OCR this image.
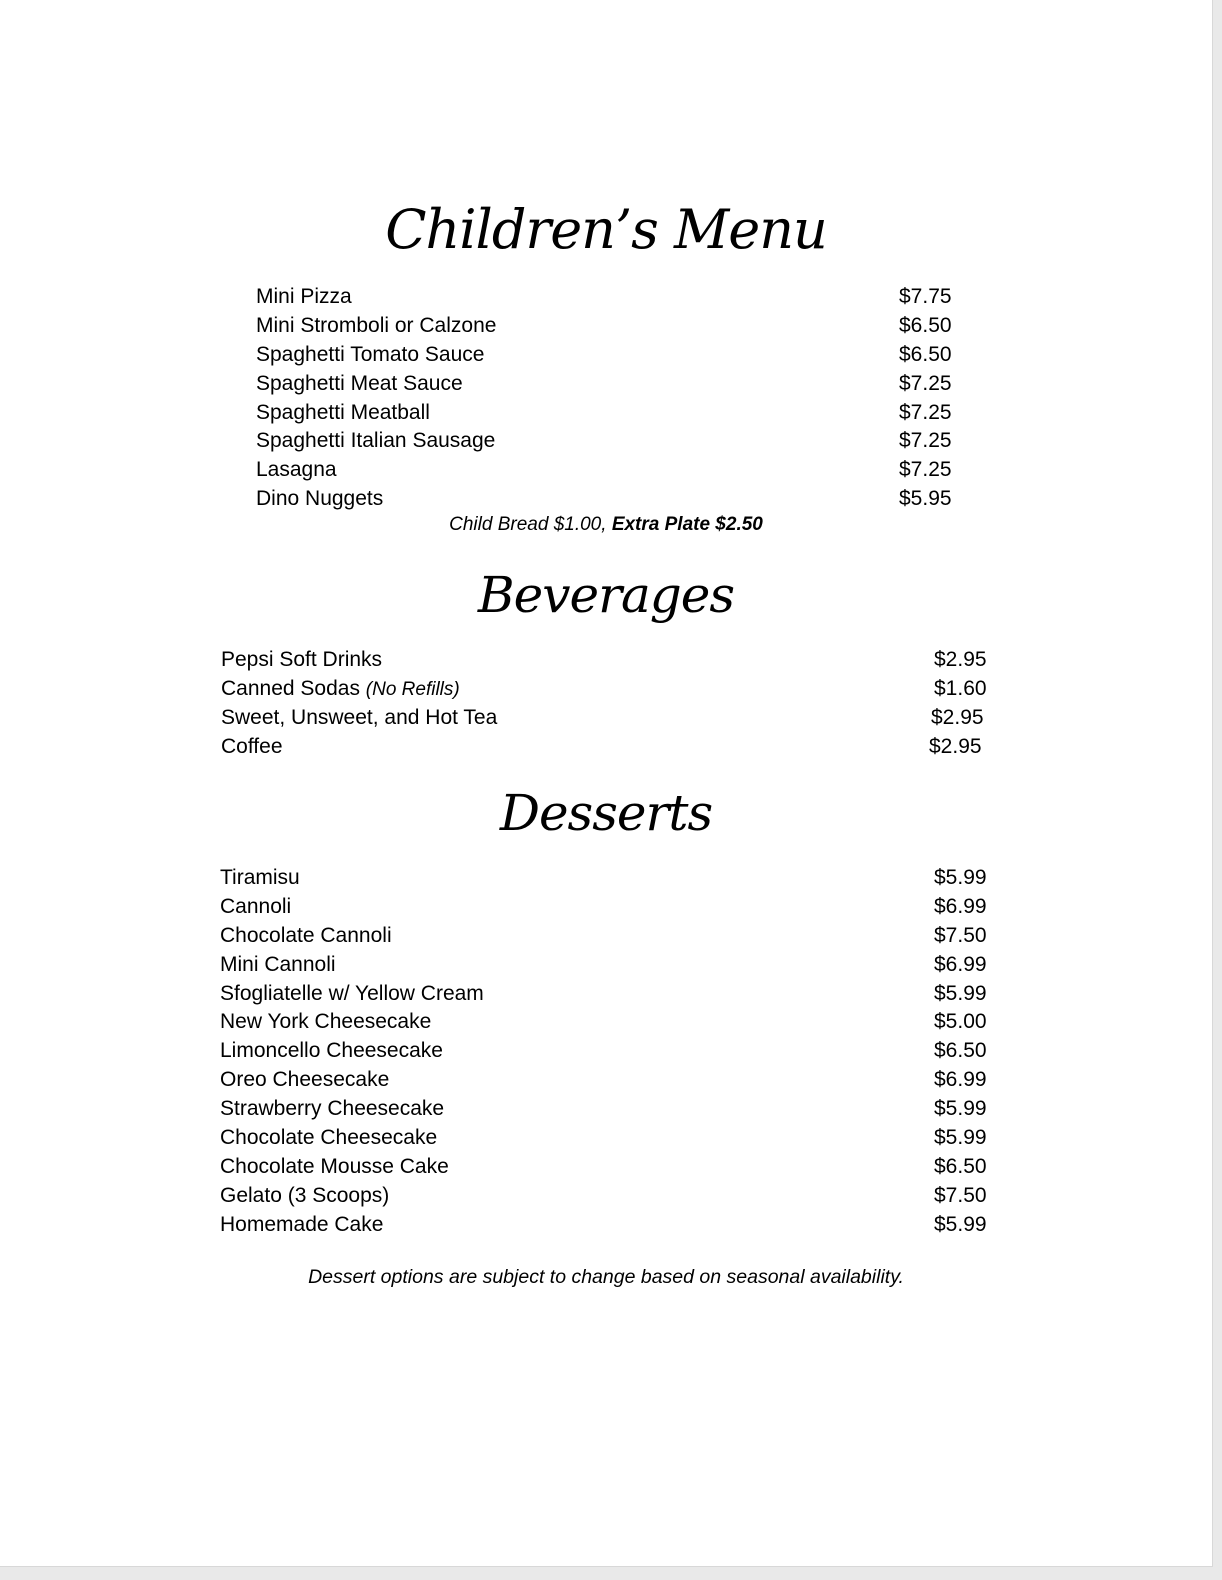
Children’s Menu
Mini Pizza	$7.75
Mini Stromboli or Calzone	$6.50
Spaghetti Tomato Sauce	$6.50
Spaghetti Meat Sauce	$7.25
Spaghetti Meatball	$7.25
Spaghetti Italian Sausage	$7.25
Lasagna	$7.25
Dino Nuggets	$5.95
Child Bread $1.00, Extra Plate $2.50
Beverages
Pepsi Soft Drinks	$2.95
Canned Sodas (No Refills)	$1.60
Sweet, Unsweet, and Hot Tea	$2.95
Coffee	$2.95
Desserts
Tiramisu	$5.99
Cannoli	$6.99
Chocolate Cannoli	$7.50
Mini Cannoli	$6.99
Sfogliatelle w/ Yellow Cream	$5.99
New York Cheesecake	$5.00
Limoncello Cheesecake	$6.50
Oreo Cheesecake	$6.99
Strawberry Cheesecake	$5.99
Chocolate Cheesecake	$5.99
Chocolate Mousse Cake	$6.50
Gelato (3 Scoops)	$7.50
Homemade Cake	$5.99
Dessert options are subject to change based on seasonal availability.
